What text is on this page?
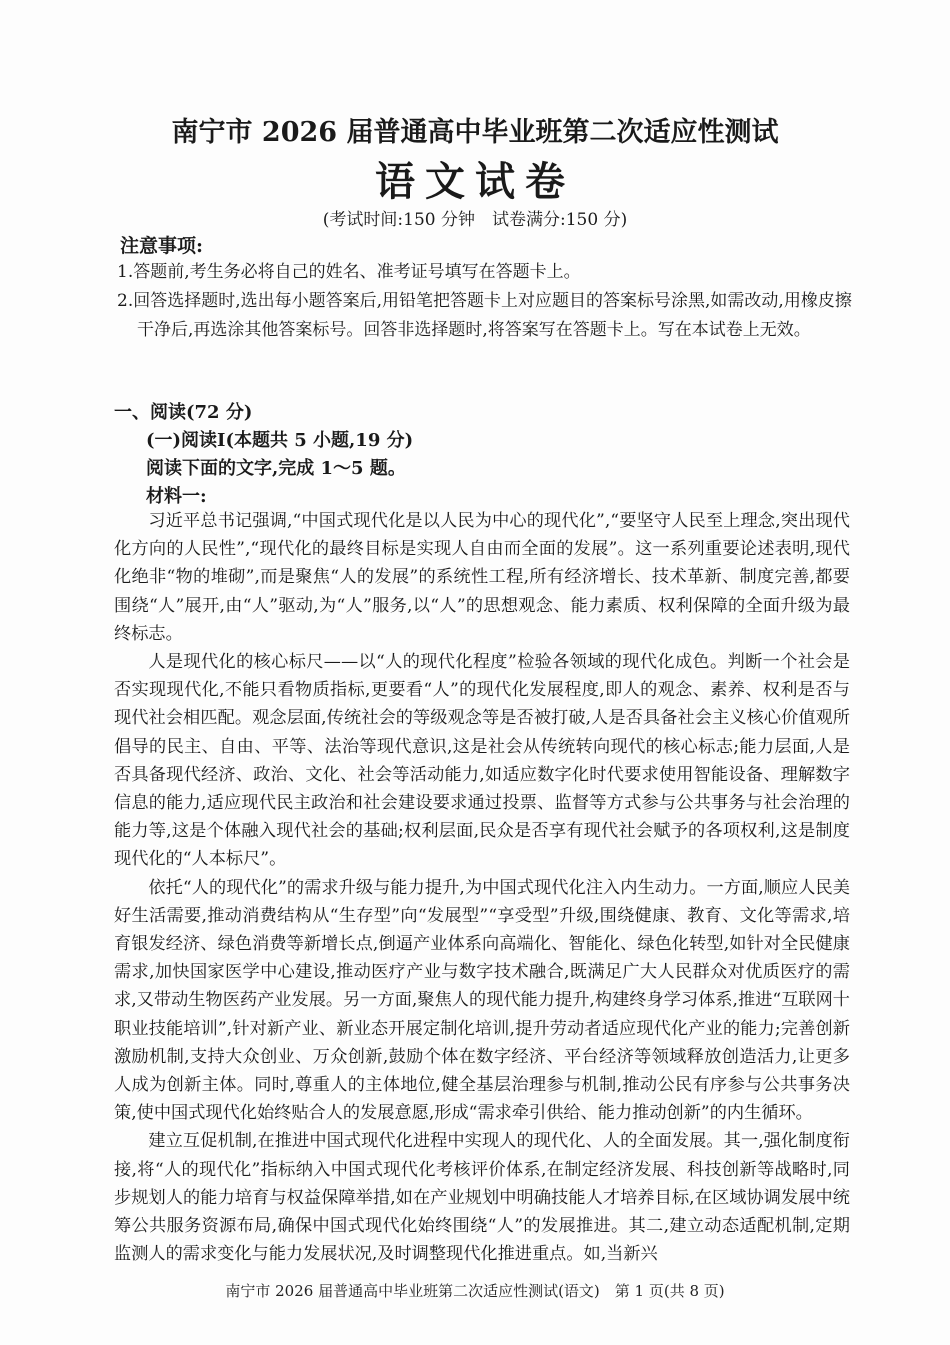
南宁市 2026 届普通高中毕业班第二次适应性测试
语文试卷
(考试时间:150 分钟　试卷满分:150 分)
注意事项:

1.答题前,考生务必将自己的姓名、准考证号填写在答题卡上。

2.回答选择题时,选出每小题答案后,用铅笔把答题卡上对应题目的答案标号涂黑,如需改动,用橡皮擦干净后,再选涂其他答案标号。回答非选择题时,将答案写在答题卡上。写在本试卷上无效。

一、阅读(72 分)
(一)阅读Ⅰ(本题共 5 小题,19 分)
阅读下面的文字,完成 1～5 题。
材料一:

习近平总书记强调,“中国式现代化是以人民为中心的现代化”,“要坚守人民至上理念,突出现代化方向的人民性”,“现代化的最终目标是实现人自由而全面的发展”。这一系列重要论述表明,现代化绝非“物的堆砌”,而是聚焦“人的发展”的系统性工程,所有经济增长、技术革新、制度完善,都要围绕“人”展开,由“人”驱动,为“人”服务,以“人”的思想观念、能力素质、权利保障的全面升级为最终标志。

人是现代化的核心标尺——以“人的现代化程度”检验各领域的现代化成色。判断一个社会是否实现现代化,不能只看物质指标,更要看“人”的现代化发展程度,即人的观念、素养、权利是否与现代社会相匹配。观念层面,传统社会的等级观念等是否被打破,人是否具备社会主义核心价值观所倡导的民主、自由、平等、法治等现代意识,这是社会从传统转向现代的核心标志;能力层面,人是否具备现代经济、政治、文化、社会等活动能力,如适应数字化时代要求使用智能设备、理解数字信息的能力,适应现代民主政治和社会建设要求通过投票、监督等方式参与公共事务与社会治理的能力等,这是个体融入现代社会的基础;权利层面,民众是否享有现代社会赋予的各项权利,这是制度现代化的“人本标尺”。

依托“人的现代化”的需求升级与能力提升,为中国式现代化注入内生动力。一方面,顺应人民美好生活需要,推动消费结构从“生存型”向“发展型”“享受型”升级,围绕健康、教育、文化等需求,培育银发经济、绿色消费等新增长点,倒逼产业体系向高端化、智能化、绿色化转型,如针对全民健康需求,加快国家医学中心建设,推动医疗产业与数字技术融合,既满足广大人民群众对优质医疗的需求,又带动生物医药产业发展。另一方面,聚焦人的现代能力提升,构建终身学习体系,推进“互联网十职业技能培训”,针对新产业、新业态开展定制化培训,提升劳动者适应现代化产业的能力;完善创新激励机制,支持大众创业、万众创新,鼓励个体在数字经济、平台经济等领域释放创造活力,让更多人成为创新主体。同时,尊重人的主体地位,健全基层治理参与机制,推动公民有序参与公共事务决策,使中国式现代化始终贴合人的发展意愿,形成“需求牵引供给、能力推动创新”的内生循环。

建立互促机制,在推进中国式现代化进程中实现人的现代化、人的全面发展。其一,强化制度衔接,将“人的现代化”指标纳入中国式现代化考核评价体系,在制定经济发展、科技创新等战略时,同步规划人的能力培育与权益保障举措,如在产业规划中明确技能人才培养目标,在区域协调发展中统筹公共服务资源布局,确保中国式现代化始终围绕“人”的发展推进。其二,建立动态适配机制,定期监测人的需求变化与能力发展状况,及时调整现代化推进重点。如,当新兴

南宁市 2026 届普通高中毕业班第二次适应性测试(语文)　第 1 页(共 8 页)
